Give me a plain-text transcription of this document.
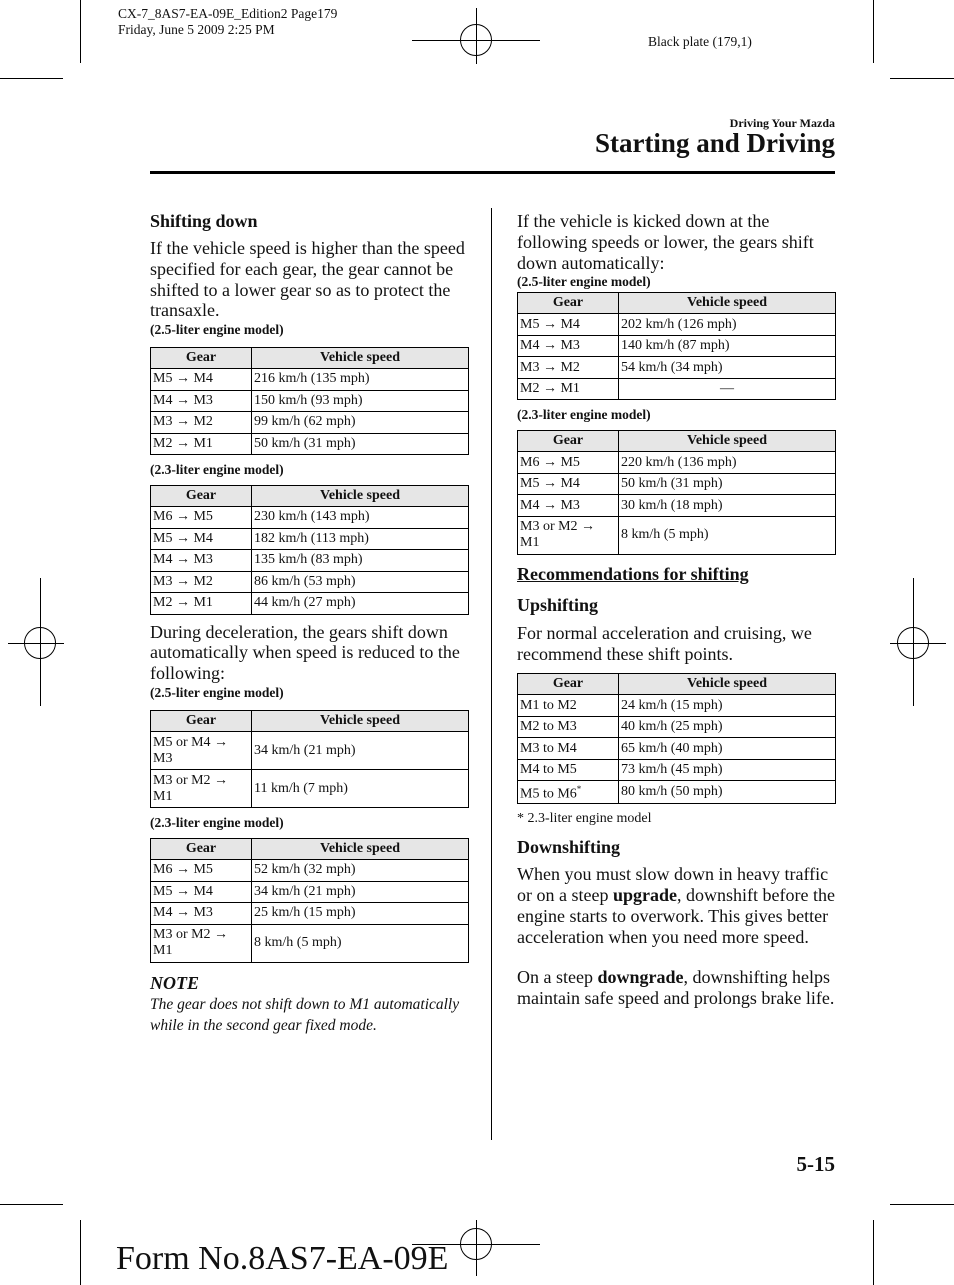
CX-7_8AS7-EA-09E_Edition2 Page179
Friday, June 5 2009 2:25 PM
Black plate (179,1)
Driving Your Mazda
Starting and Driving
Shifting down

If the vehicle speed is higher than the speed specified for each gear, the gear cannot be shifted to a lower gear so as to protect the transaxle.

(2.5-liter engine model)
Gear	Vehicle speed
M5 → M4	216 km/h (135 mph)
M4 → M3	150 km/h (93 mph)
M3 → M2	99 km/h (62 mph)
M2 → M1	50 km/h (31 mph)
(2.3-liter engine model)
Gear	Vehicle speed
M6 → M5	230 km/h (143 mph)
M5 → M4	182 km/h (113 mph)
M4 → M3	135 km/h (83 mph)
M3 → M2	86 km/h (53 mph)
M2 → M1	44 km/h (27 mph)

During deceleration, the gears shift down automatically when speed is reduced to the following:

(2.5-liter engine model)
Gear	Vehicle speed
M5 or M4 → M3	34 km/h (21 mph)
M3 or M2 → M1	11 km/h (7 mph)
(2.3-liter engine model)
Gear	Vehicle speed
M6 → M5	52 km/h (32 mph)
M5 → M4	34 km/h (21 mph)
M4 → M3	25 km/h (15 mph)
M3 or M2 → M1	8 km/h (5 mph)
NOTE
The gear does not shift down to M1 automatically while in the second gear fixed mode.

If the vehicle is kicked down at the following speeds or lower, the gears shift down automatically:

(2.5-liter engine model)
Gear	Vehicle speed
M5 → M4	202 km/h (126 mph)
M4 → M3	140 km/h (87 mph)
M3 → M2	54 km/h (34 mph)
M2 → M1	—
(2.3-liter engine model)
Gear	Vehicle speed
M6 → M5	220 km/h (136 mph)
M5 → M4	50 km/h (31 mph)
M4 → M3	30 km/h (18 mph)
M3 or M2 → M1	8 km/h (5 mph)
Recommendations for shifting
Upshifting

For normal acceleration and cruising, we recommend these shift points.

Gear	Vehicle speed
M1 to M2	24 km/h (15 mph)
M2 to M3	40 km/h (25 mph)
M3 to M4	65 km/h (40 mph)
M4 to M5	73 km/h (45 mph)
M5 to M6*	80 km/h (50 mph)
* 2.3-liter engine model
Downshifting

When you must slow down in heavy traffic or on a steep upgrade, downshift before the engine starts to overwork. This gives better acceleration when you need more speed.

On a steep downgrade, downshifting helps maintain safe speed and prolongs brake life.

5-15
Form No.8AS7-EA-09E
